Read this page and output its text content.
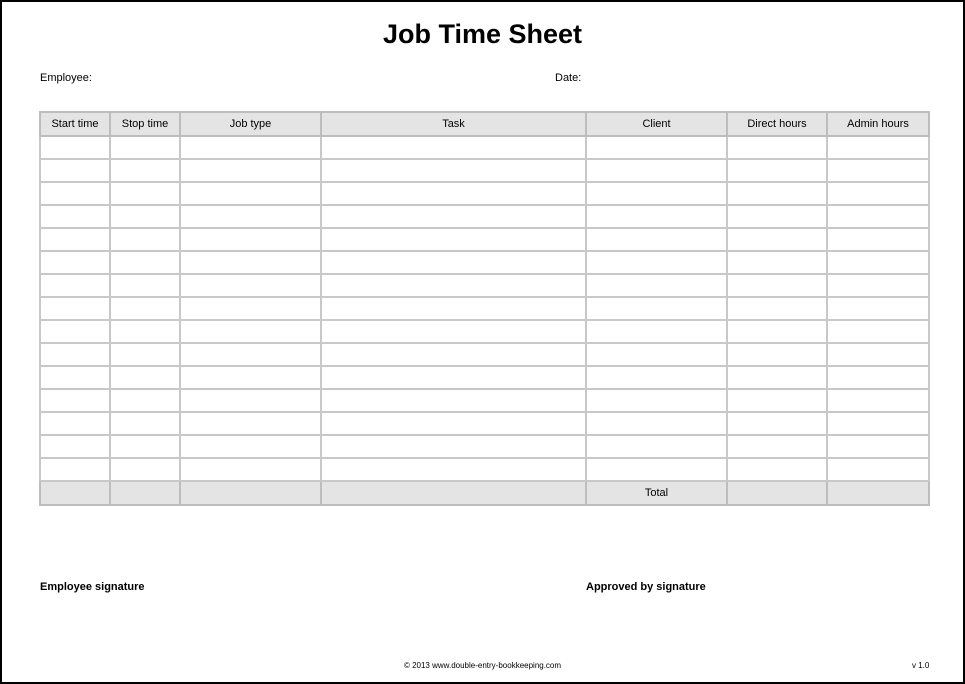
Job Time Sheet
Employee:	Date:
Start time	Stop time	Job type	Task	Client	Direct hours	Admin hours

				Total		
Employee signature	Approved by signature
© 2013 www.double-entry-bookkeeping.com	v 1.0
